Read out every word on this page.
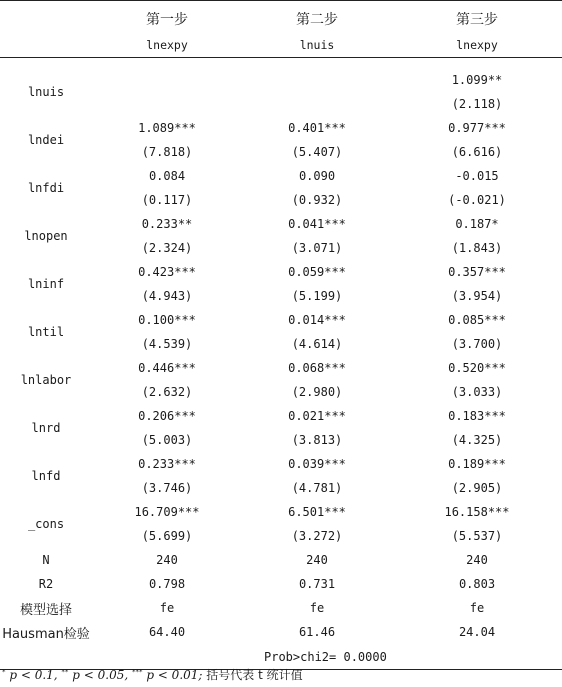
	第一步	第二步	第三步
	lnexpy	lnuis	lnexpy

lnuis			1.099**
			(2.118)
lndei	1.089***	0.401***	0.977***
	(7.818)	(5.407)	(6.616)
lnfdi	0.084	0.090	-0.015
	(0.117)	(0.932)	(-0.021)
lnopen	0.233**	0.041***	0.187*
	(2.324)	(3.071)	(1.843)
lninf	0.423***	0.059***	0.357***
	(4.943)	(5.199)	(3.954)
lntil	0.100***	0.014***	0.085***
	(4.539)	(4.614)	(3.700)
lnlabor	0.446***	0.068***	0.520***
	(2.632)	(2.980)	(3.033)
lnrd	0.206***	0.021***	0.183***
	(5.003)	(3.813)	(4.325)
lnfd	0.233***	0.039***	0.189***
	(3.746)	(4.781)	(2.905)
_cons	16.709***	6.501***	16.158***
	(5.699)	(3.272)	(5.537)
N	240	240	240
R2	0.798	0.731	0.803
模型选择	fe	fe	fe
Hausman检验	64.40	61.46	24.04
		Prob>chi2= 0.0000	
* p < 0.1, ** p < 0.05, *** p < 0.01; 括号代表 t 统计值
